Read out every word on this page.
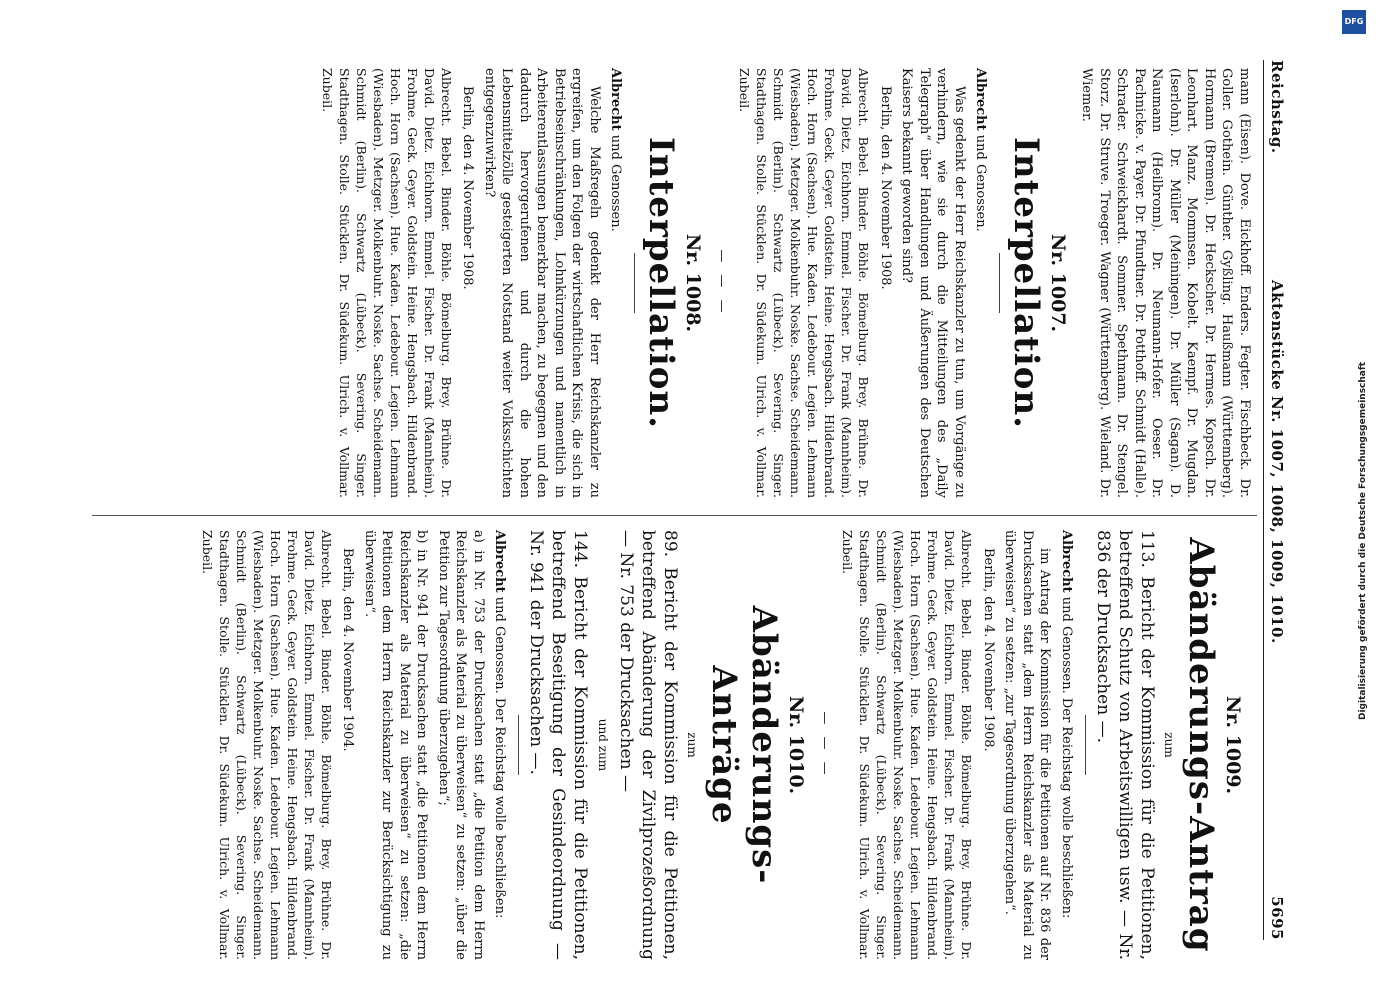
Reichstag.
Aktenstücke Nr. 1007, 1008, 1009, 1010.
5695

mann (Eisen). Dove. Eickhoff. Enders. Fegter. Fischbeck. Dr. Goller. Gothein. Günther. Gyßling. Haußmann (Württemberg). Hormann (Bremen). Dr. Heckscher. Dr. Hermes. Kopsch. Dr. Leonhart. Manz. Mommsen. Kobelt. Kaempf. Dr. Mugdan. (Iserlohn). Dr. Müller (Meiningen). Dr. Müller (Sagan). D. Naumann (Heilbronn). Dr. Neumann-Hofer. Oeser. Dr. Pachnicke. v. Payer. Dr. Pfundtner. Dr. Potthoff. Schmidt (Halle). Schrader. Schweickhardt. Sommer. Spethmann. Dr. Stengel. Storz. Dr. Struve. Troeger. Wagner (Württemberg). Wieland. Dr. Wiemer.

Nr. 1007.
Interpellation.

Albrecht und Genossen.

Was gedenkt der Herr Reichskanzler zu tun, um Vorgänge zu verhindern, wie sie durch die Mitteilungen des „Daily Telegraph“ über Handlungen und Äußerungen des Deutschen Kaisers bekannt geworden sind?

Berlin, den 4. November 1908.

Albrecht. Bebel. Binder. Böhle. Bömelburg. Brey. Brühne. Dr. David. Dietz. Eichhorn. Emmel. Fischer. Dr. Frank (Mannheim). Frohme. Geck. Geyer. Goldstein. Heine. Hengsbach. Hildenbrand. Hoch. Horn (Sachsen). Hue. Kaden. Ledebour. Legien. Lehmann (Wiesbaden). Metzger. Molkenbuhr. Noske. Sachse. Scheidemann. Schmidt (Berlin). Schwartz (Lübeck). Severing. Singer. Stadthagen. Stolle. Stücklen. Dr. Südekum. Ulrich. v. Vollmar. Zubeil.

— — —
Nr. 1008.
Interpellation.

Albrecht und Genossen.

Welche Maßregeln gedenkt der Herr Reichskanzler zu ergreifen, um den Folgen der wirtschaftlichen Krisis, die sich in Betriebseinschränkungen, Lohnkürzungen und namentlich in Arbeiterentlassungen bemerkbar machen, zu begegnen und den dadurch hervorgerufenen und durch die hohen Lebensmittelzölle gesteigerten Notstand weiter Volksschichten entgegenzuwirken?

Berlin, den 4. November 1908.

Albrecht. Bebel. Binder. Böhle. Bömelburg. Brey. Brühne. Dr. David. Dietz. Eichhorn. Emmel. Fischer. Dr. Frank (Mannheim). Frohme. Geck. Geyer. Goldstein. Heine. Hengsbach. Hildenbrand. Hoch. Horn (Sachsen). Hue. Kaden. Ledebour. Legien. Lehmann (Wiesbaden). Metzger. Molkenbuhr. Noske. Sachse. Scheidemann. Schmidt (Berlin). Schwartz (Lübeck). Severing. Singer. Stadthagen. Stolle. Stücklen. Dr. Südekum. Ulrich. v. Vollmar. Zubeil.

Nr. 1009.
Abänderungs-Antrag
zum

113. Bericht der Kommission für die Petitionen, betreffend Schutz von Arbeitswilligen usw. — Nr. 836 der Drucksachen —.

Albrecht und Genossen. Der Reichstag wolle beschließen:

im Antrag der Kommission für die Petitionen auf Nr. 836 der Drucksachen statt „dem Herrn Reichskanzler als Material zu überweisen“ zu setzen: „zur Tagesordnung überzugehen“.

Berlin, den 4. November 1908.

Albrecht. Bebel. Binder. Böhle. Bömelburg. Brey. Brühne. Dr. David. Dietz. Eichhorn. Emmel. Fischer. Dr. Frank (Mannheim). Frohme. Geck. Geyer. Goldstein. Heine. Hengsbach. Hildenbrand. Hoch. Horn (Sachsen). Hue. Kaden. Ledebour. Legien. Lehmann (Wiesbaden). Metzger. Molkenbuhr. Noske. Sachse. Scheidemann. Schmidt (Berlin). Schwartz (Lübeck). Severing. Singer. Stadthagen. Stolle. Stücklen. Dr. Südekum. Ulrich. v. Vollmar. Zubeil.

— — —
Nr. 1010.
Abänderungs-Anträge
zum

89. Bericht der Kommission für die Petitionen, betreffend Abänderung der Zivilprozeßordnung — Nr. 753 der Drucksachen —

und zum

144. Bericht der Kommission für die Petitionen, betreffend Beseitigung der Gesindeordnung — Nr. 941 der Drucksachen —.

Albrecht und Genossen. Der Reichstag wolle beschließen:

a) in Nr. 753 der Drucksachen statt „die Petition dem Herrn Reichskanzler als Material zu überweisen“ zu setzen: „über die Petition zur Tagesordnung überzugehen“;

b) in Nr. 941 der Drucksachen statt „die Petitionen dem Herrn Reichskanzler als Material zu überweisen“ zu setzen: „die Petitionen dem Herrn Reichskanzler zur Berücksichtigung zu überweisen“.

Berlin, den 4. November 1904.

Albrecht. Bebel. Binder. Böhle. Bömelburg. Brey. Brühne. Dr. David. Dietz. Eichhorn. Emmel. Fischer. Dr. Frank (Mannheim). Frohme. Geck. Geyer. Goldstein. Heine. Hengsbach. Hildenbrand. Hoch. Horn (Sachsen). Hue. Kaden. Ledebour. Legien. Lehmann (Wiesbaden). Metzger. Molkenbuhr. Noske. Sachse. Scheidemann. Schmidt (Berlin). Schwartz (Lübeck). Severing. Singer. Stadthagen. Stolle. Stücklen. Dr. Südekum. Ulrich. v. Vollmar. Zubeil.

DFG
Digitalisierung gefördert durch die Deutsche Forschungsgemeinschaft
